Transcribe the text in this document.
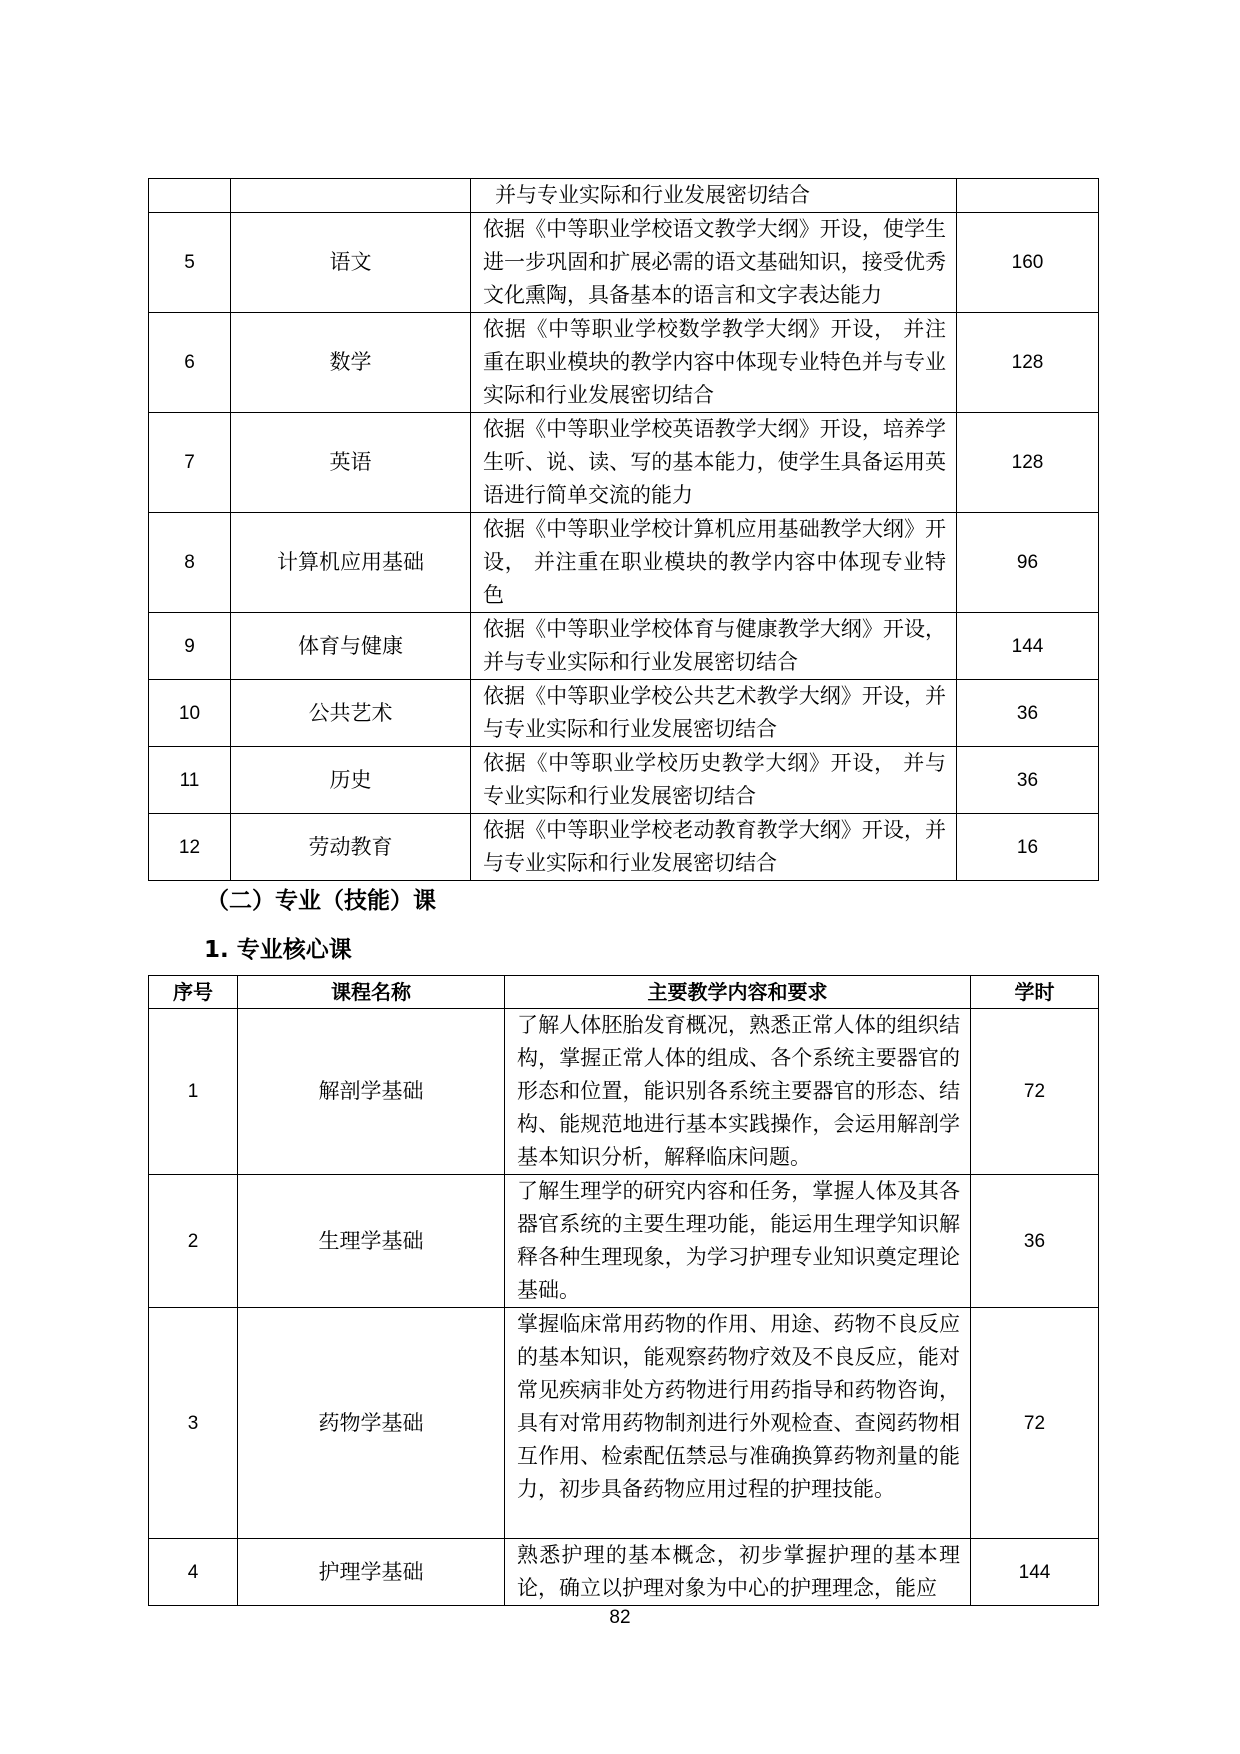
		并与专业实际和行业发展密切结合	
5	语文	依据《中等职业学校语文教学大纲》开设，使学生进一步巩固和扩展必需的语文基础知识，接受优秀文化熏陶，具备基本的语言和文字表达能力	160
6	数学	依据《中等职业学校数学教学大纲》开设， 并注重在职业模块的教学内容中体现专业特色并与专业实际和行业发展密切结合	128
7	英语	依据《中等职业学校英语教学大纲》开设，培养学生听、说、读、写的基本能力，使学生具备运用英语进行简单交流的能力	128
8	计算机应用基础	依据《中等职业学校计算机应用基础教学大纲》开设， 并注重在职业模块的教学内容中体现专业特色	96
9	体育与健康	依据《中等职业学校体育与健康教学大纲》开设，并与专业实际和行业发展密切结合	144
10	公共艺术	依据《中等职业学校公共艺术教学大纲》开设，并与专业实际和行业发展密切结合	36
11	历史	依据《中等职业学校历史教学大纲》开设， 并与专业实际和行业发展密切结合	36
12	劳动教育	依据《中等职业学校老动教育教学大纲》开设，并与专业实际和行业发展密切结合	16
（二）专业（技能）课
1. 专业核心课
序号	课程名称	主要教学内容和要求	学时
1	解剖学基础	了解人体胚胎发育概况，熟悉正常人体的组织结构，掌握正常人体的组成、各个系统主要器官的形态和位置，能识别各系统主要器官的形态、结构、能规范地进行基本实践操作，会运用解剖学基本知识分析，解释临床问题。	72
2	生理学基础	了解生理学的研究内容和任务，掌握人体及其各器官系统的主要生理功能，能运用生理学知识解释各种生理现象，为学习护理专业知识奠定理论基础。	36
3	药物学基础	掌握临床常用药物的作用、用途、药物不良反应的基本知识，能观察药物疗效及不良反应，能对常见疾病非处方药物进行用药指导和药物咨询，具有对常用药物制剂进行外观检查、查阅药物相互作用、检索配伍禁忌与准确换算药物剂量的能力，初步具备药物应用过程的护理技能。	72
4	护理学基础	熟悉护理的基本概念，初步掌握护理的基本理论，确立以护理对象为中心的护理理念，能应	144
82
